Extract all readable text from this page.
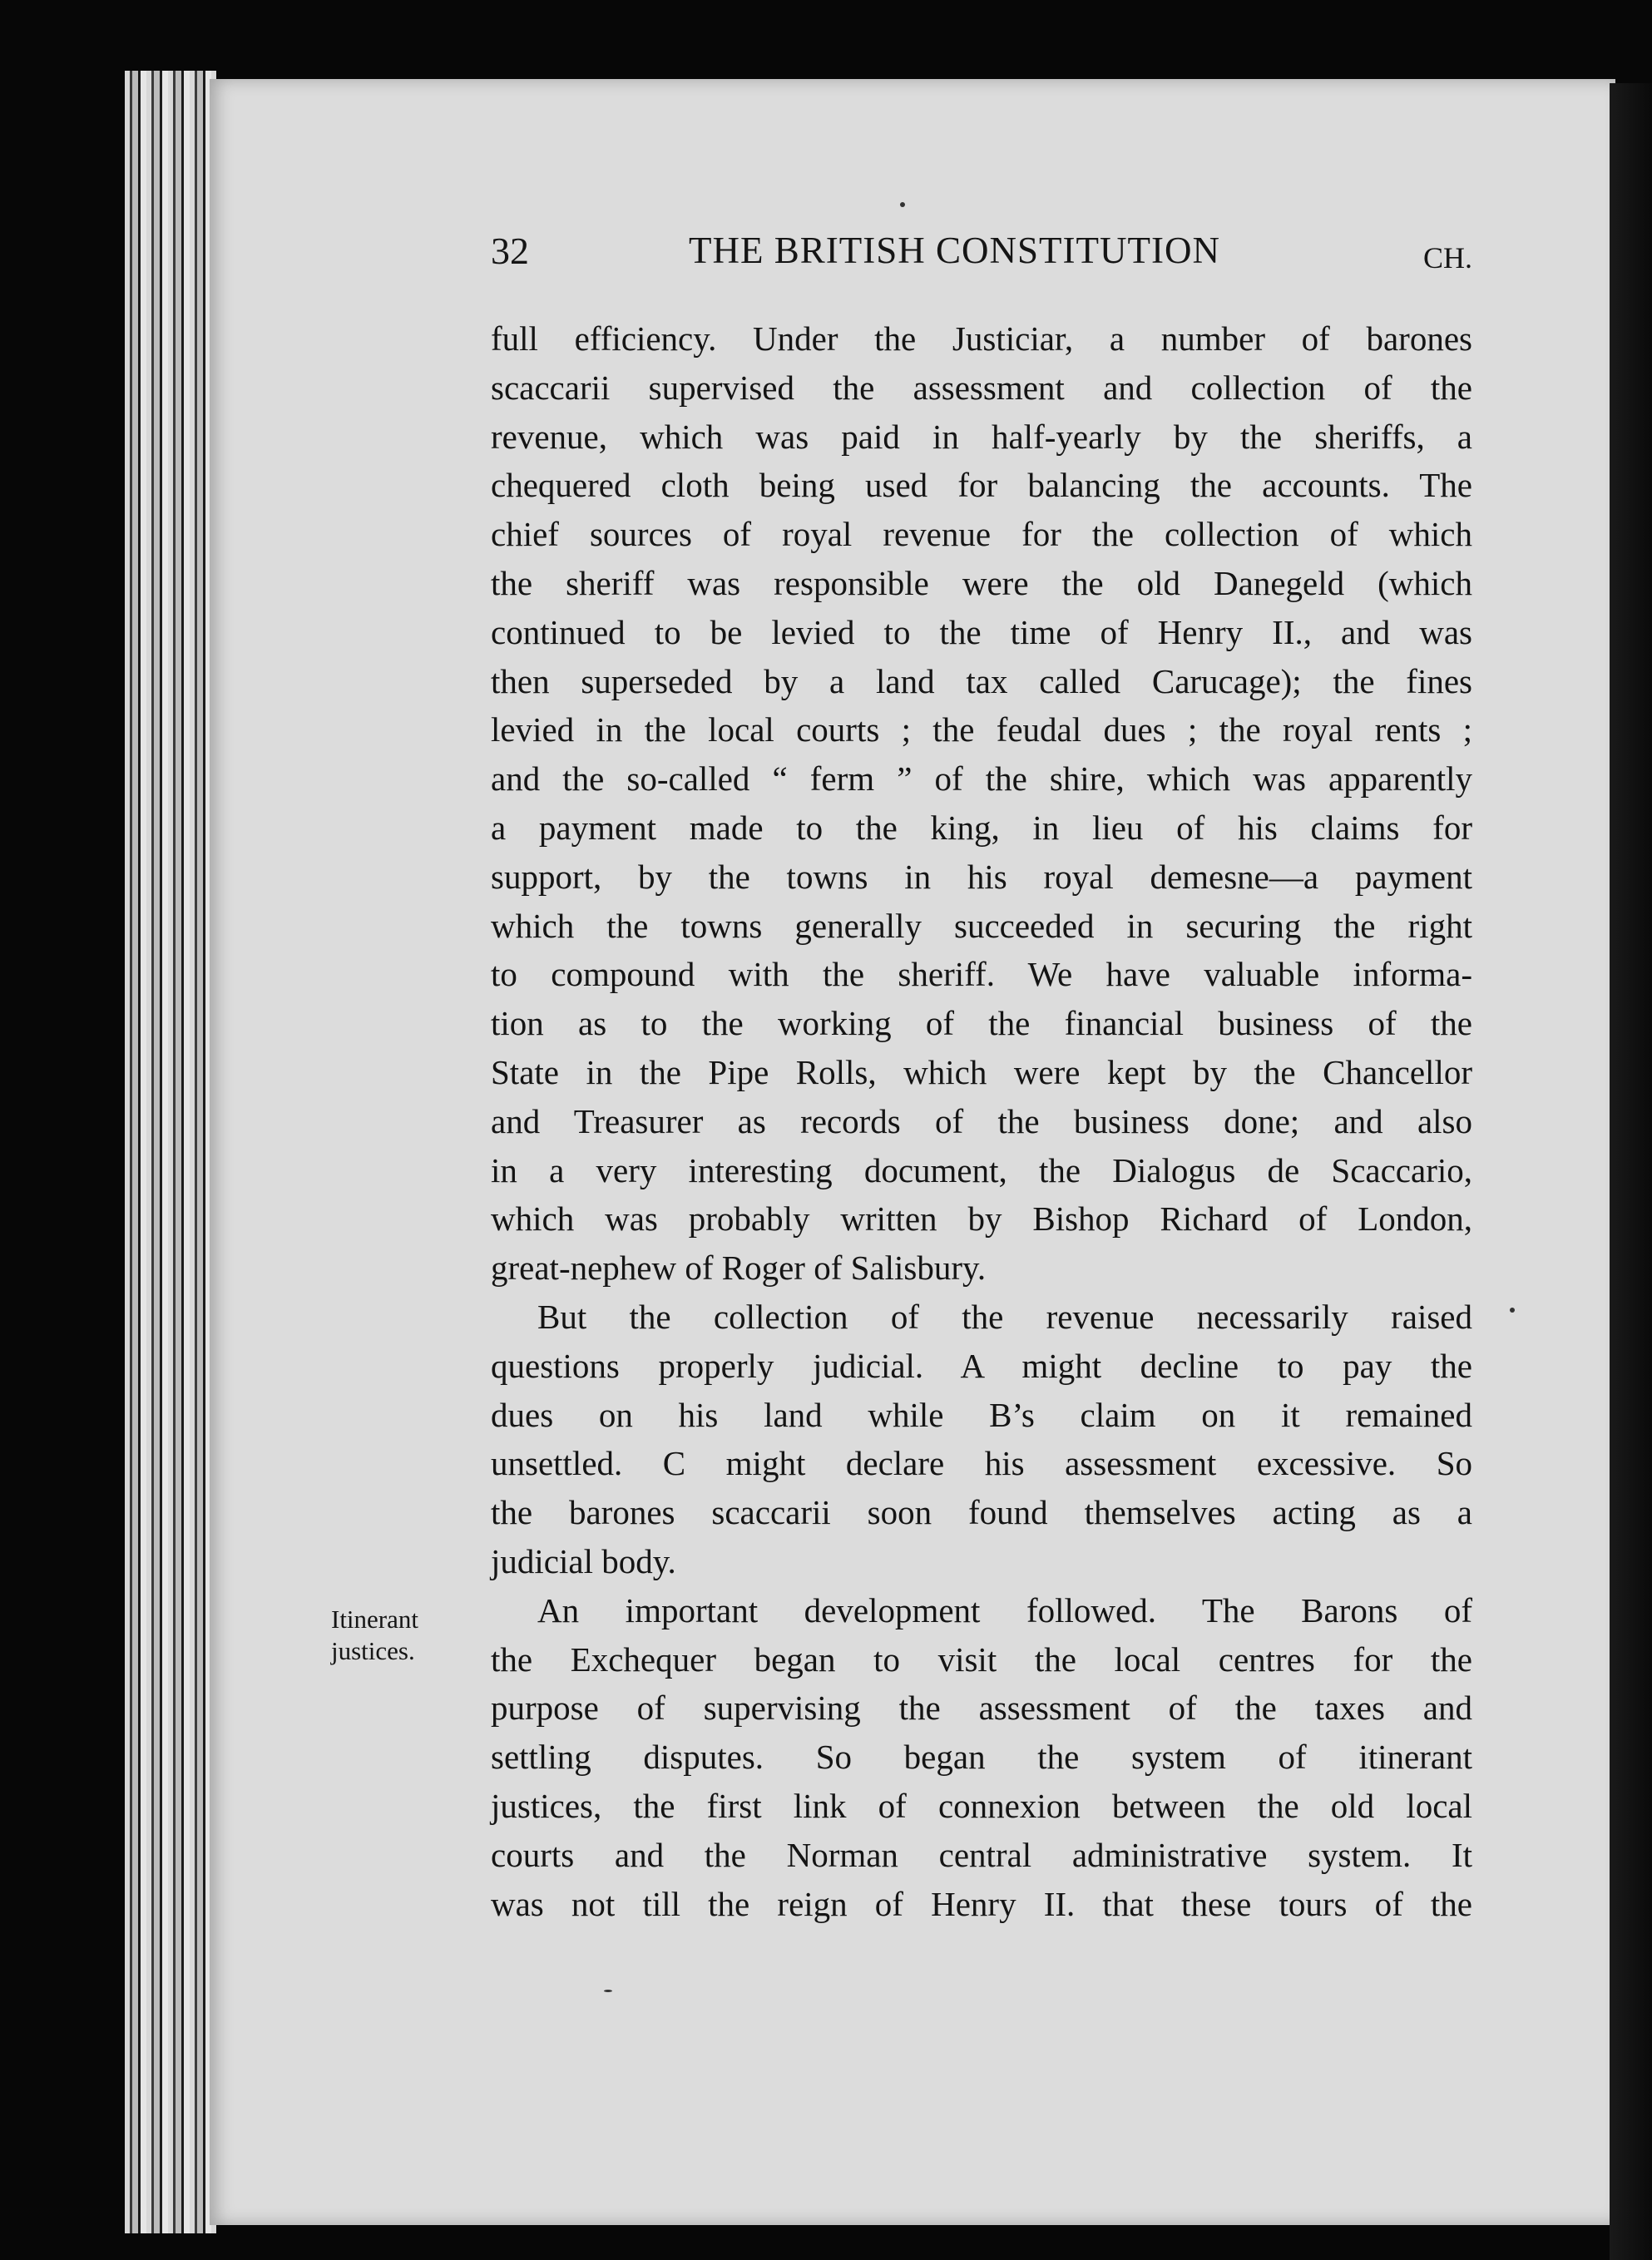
32	THE BRITISH CONSTITUTION	CH.
Itinerant
justices.
full efficiency. Under the Justiciar, a number of barones
scaccarii supervised the assessment and collection of the
revenue, which was paid in half-yearly by the sheriffs, a
chequered cloth being used for balancing the accounts. The
chief sources of royal revenue for the collection of which
the sheriff was responsible were the old Danegeld (which
continued to be levied to the time of Henry II., and was
then superseded by a land tax called Carucage); the fines
levied in the local courts ; the feudal dues ; the royal rents ;
and the so-called “ ferm ” of the shire, which was apparently
a payment made to the king, in lieu of his claims for
support, by the towns in his royal demesne—a payment
which the towns generally succeeded in securing the right
to compound with the sheriff. We have valuable informa-
tion as to the working of the financial business of the
State in the Pipe Rolls, which were kept by the Chancellor
and Treasurer as records of the business done; and also
in a very interesting document, the Dialogus de Scaccario,
which was probably written by Bishop Richard of London,
great-nephew of Roger of Salisbury.
But the collection of the revenue necessarily raised
questions properly judicial. A might decline to pay the
dues on his land while B’s claim on it remained
unsettled. C might declare his assessment excessive. So
the barones scaccarii soon found themselves acting as a
judicial body.
An important development followed. The Barons of
the Exchequer began to visit the local centres for the
purpose of supervising the assessment of the taxes and
settling disputes. So began the system of itinerant
justices, the first link of connexion between the old local
courts and the Norman central administrative system. It
was not till the reign of Henry II. that these tours of the
